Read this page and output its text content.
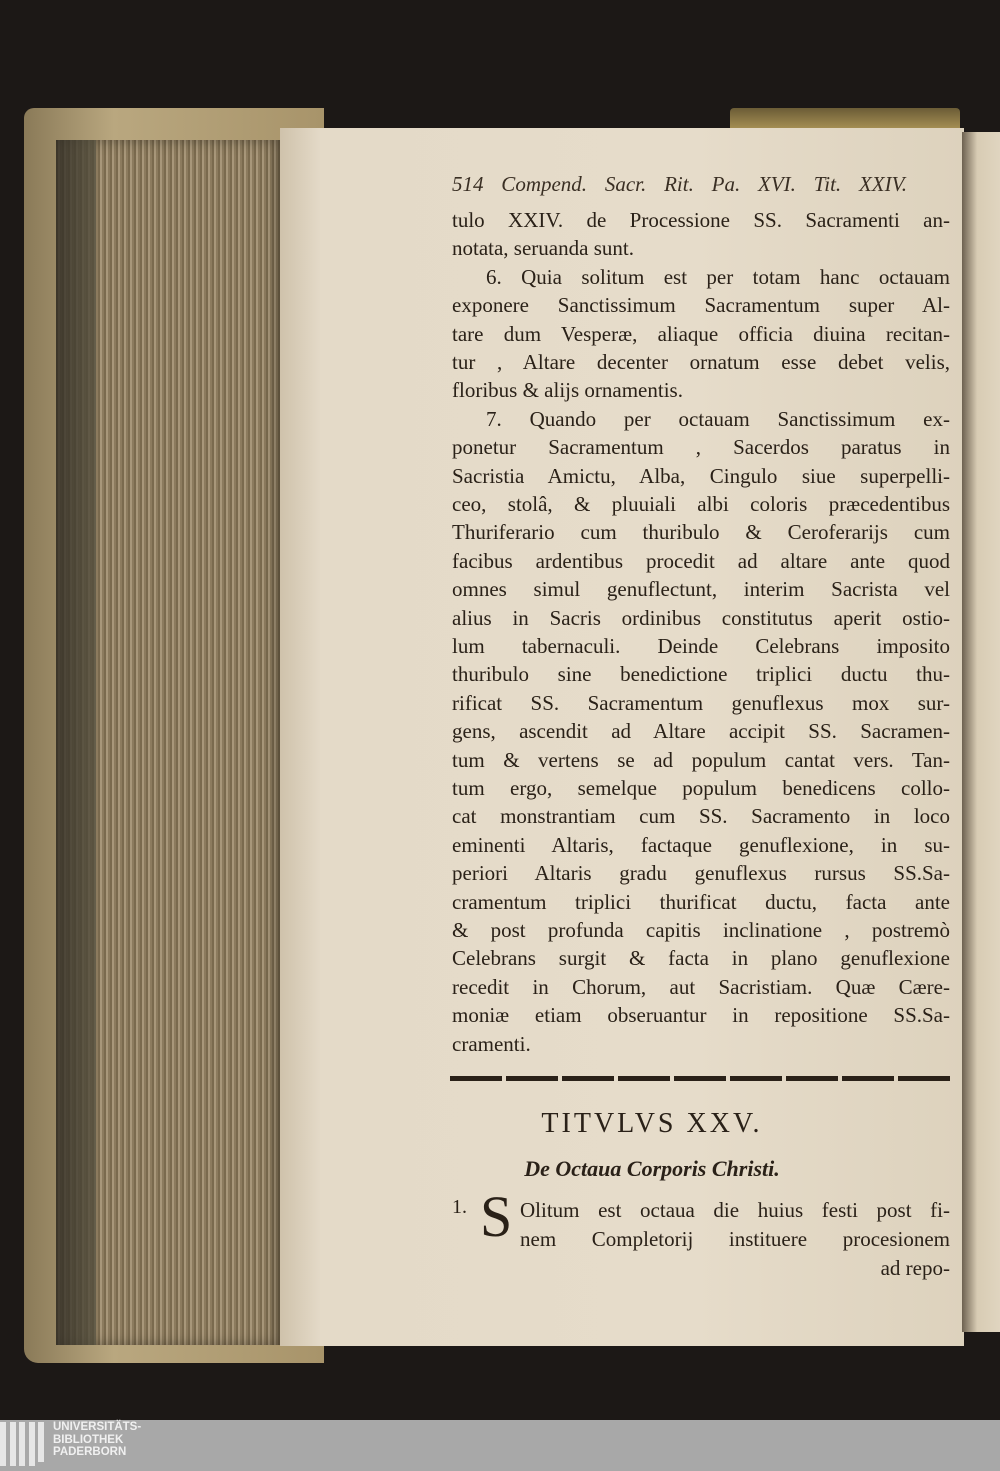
514 Compend. Sacr. Rit. Pa. XVI. Tit. XXIV.
tulo XXIV. de Processione SS. Sacramenti an-
notata, seruanda sunt.
6. Quia solitum est per totam hanc octauam
exponere Sanctissimum Sacramentum super Al-
tare dum Vesperæ, aliaque officia diuina recitan-
tur , Altare decenter ornatum esse debet velis,
floribus & alijs ornamentis.
7. Quando per octauam Sanctissimum ex-
ponetur Sacramentum , Sacerdos paratus in
Sacristia Amictu, Alba, Cingulo siue superpelli-
ceo, stolâ, & pluuiali albi coloris præcedentibus
Thuriferario cum thuribulo & Ceroferarijs cum
facibus ardentibus procedit ad altare ante quod
omnes simul genuflectunt, interim Sacrista vel
alius in Sacris ordinibus constitutus aperit ostio-
lum tabernaculi. Deinde Celebrans imposito
thuribulo sine benedictione triplici ductu thu-
rificat SS. Sacramentum genuflexus mox sur-
gens, ascendit ad Altare accipit SS. Sacramen-
tum & vertens se ad populum cantat vers. Tan-
tum ergo, semelque populum benedicens collo-
cat monstrantiam cum SS. Sacramento in loco
eminenti Altaris, factaque genuflexione, in su-
periori Altaris gradu genuflexus rursus SS.Sa-
cramentum triplici thurificat ductu, facta ante
& post profunda capitis inclinatione , postremò
Celebrans surgit & facta in plano genuflexione
recedit in Chorum, aut Sacristiam. Quæ Cære-
moniæ etiam obseruantur in repositione SS.Sa-
cramenti.
TITVLVS XXV.
De Octaua Corporis Christi.
1. S Olitum est octaua die huius festi post fi-
nem Completorij instituere procesionem
ad repo-
UNIVERSITÄTS-
BIBLIOTHEK
PADERBORN
